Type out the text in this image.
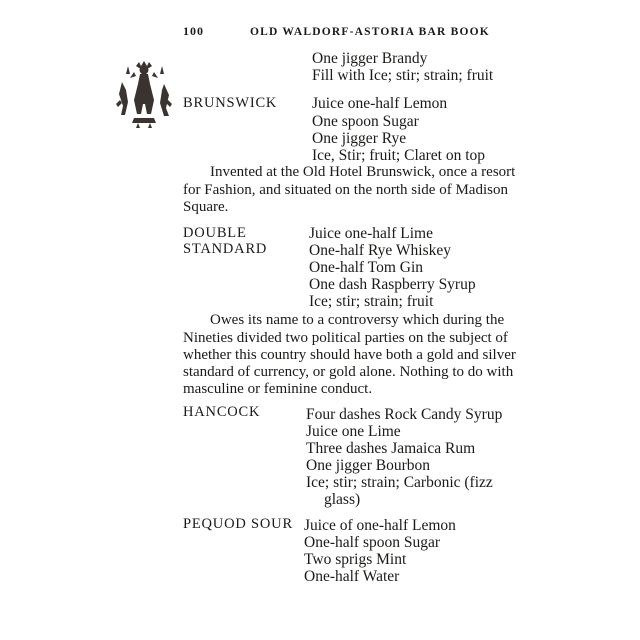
100	OLD WALDORF-ASTORIA BAR BOOK
One jigger Brandy
Fill with Ice; stir; strain; fruit
BRUNSWICK Juice one-half Lemon
One spoon Sugar
One jigger Rye
Ice, Stir; fruit; Claret on top
Invented at the Old Hotel Brunswick, once a resort
for Fashion, and situated on the north side of Madison
Square.
DOUBLE
STANDARD
Juice one-half Lime
One-half Rye Whiskey
One-half Tom Gin
One dash Raspberry Syrup
Ice; stir; strain; fruit
Owes its name to a controversy which during the
Nineties divided two political parties on the subject of
whether this country should have both a gold and silver
standard of currency, or gold alone. Nothing to do with
masculine or feminine conduct.
HANCOCK	Four dashes Rock Candy Syrup
Juice one Lime
Three dashes Jamaica Rum
One jigger Bourbon
Ice; stir; strain; Carbonic (fizz
glass)
PEQUOD SOUR Juice of one-half Lemon
One-half spoon Sugar
Two sprigs Mint
One-half Water
